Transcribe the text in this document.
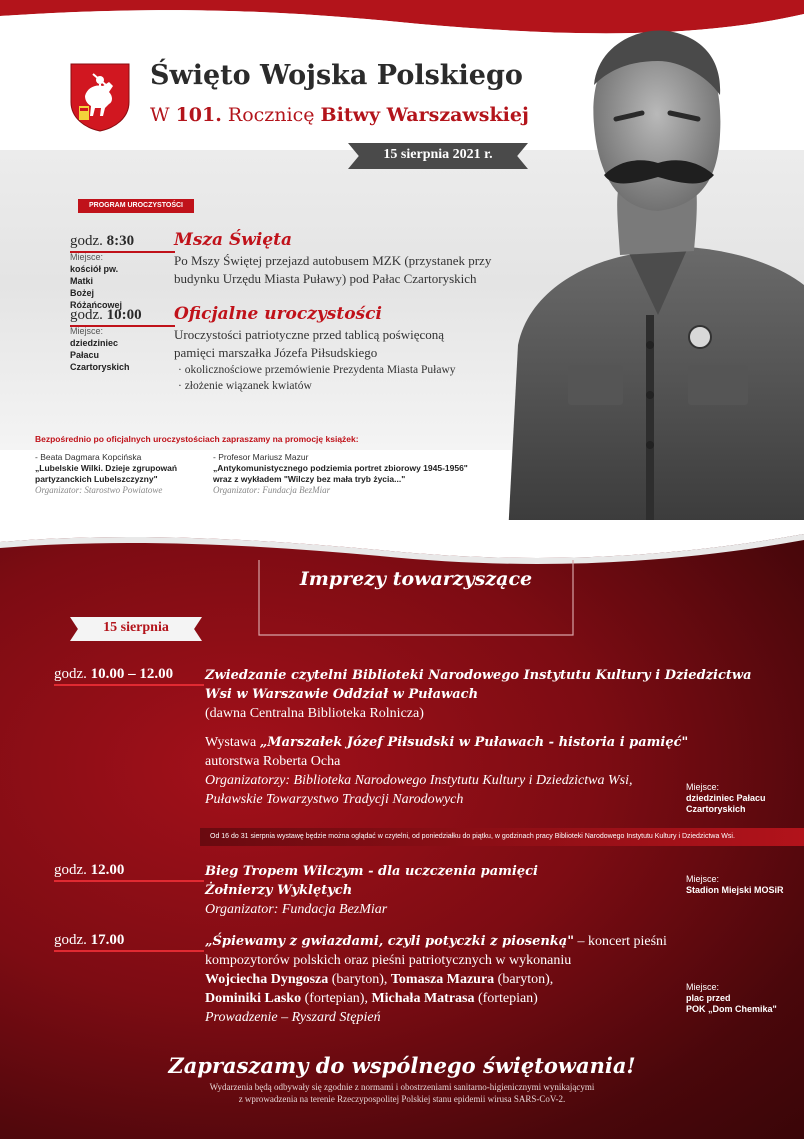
Święto Wojska Polskiego
W 101. Rocznicę Bitwy Warszawskiej
15 sierpnia 2021 r.
PROGRAM UROCZYSTOŚCI
godz. 8:30
Miejsce:
kościół pw. Matki
Bożej Różańcowej
Msza Święta
Po Mszy Świętej przejazd autobusem MZK (przystanek przy
budynku Urzędu Miasta Puławy) pod Pałac Czartoryskich
godz. 10:00
Miejsce:
dziedziniec
Pałacu Czartoryskich
Oficjalne uroczystości
Uroczystości patriotyczne przed tablicą poświęconą
pamięci marszałka Józefa Piłsudskiego
· okolicznościowe przemówienie Prezydenta Miasta Puławy
· złożenie wiązanek kwiatów
Bezpośrednio po oficjalnych uroczystościach zapraszamy na promocję książek:
- Beata Dagmara Kopcińska
„Lubelskie Wilki. Dzieje zgrupowań
partyzanckich Lubelszczyzny"
Organizator: Starostwo Powiatowe
- Profesor Mariusz Mazur
„Antykomunistycznego podziemia portret zbiorowy 1945-1956"
wraz z wykładem "Wilczy bez mała tryb życia..."
Organizator: Fundacja BezMiar
Imprezy towarzyszące
15 sierpnia
godz. 10.00 – 12.00 Zwiedzanie czytelni Biblioteki Narodowego Instytutu Kultury i Dziedzictwa
Wsi w Warszawie Oddział w Puławach
(dawna Centralna Biblioteka Rolnicza)
Wystawa „Marszałek Józef Piłsudski w Puławach - historia i pamięć"
autorstwa Roberta Ocha
Organizatorzy: Biblioteka Narodowego Instytutu Kultury i Dziedzictwa Wsi,
Puławskie Towarzystwo Tradycji Narodowych
Miejsce:
dziedziniec Pałacu
Czartoryskich
Od 16 do 31 sierpnia wystawę będzie można oglądać w czytelni, od poniedziałku do piątku, w godzinach pracy Biblioteki Narodowego Instytutu Kultury i Dziedzictwa Wsi.
godz. 12.00	Bieg Tropem Wilczym - dla uczczenia pamięci
Żołnierzy Wyklętych
Organizator: Fundacja BezMiar
Miejsce:
Stadion Miejski MOSiR
godz. 17.00	„Śpiewamy z gwiazdami, czyli potyczki z piosenką" – koncert pieśni
kompozytorów polskich oraz pieśni patriotycznych w wykonaniu
Wojciecha Dyngosza (baryton), Tomasza Mazura (baryton),
Dominiki Lasko (fortepian), Michała Matrasa (fortepian)
Prowadzenie – Ryszard Stępień
Miejsce:
plac przed
POK „Dom Chemika"
Zapraszamy do wspólnego świętowania!
Wydarzenia będą odbywały się zgodnie z normami i obostrzeniami sanitarno-higienicznymi wynikającymi
z wprowadzenia na terenie Rzeczypospolitej Polskiej stanu epidemii wirusa SARS-CoV-2.
